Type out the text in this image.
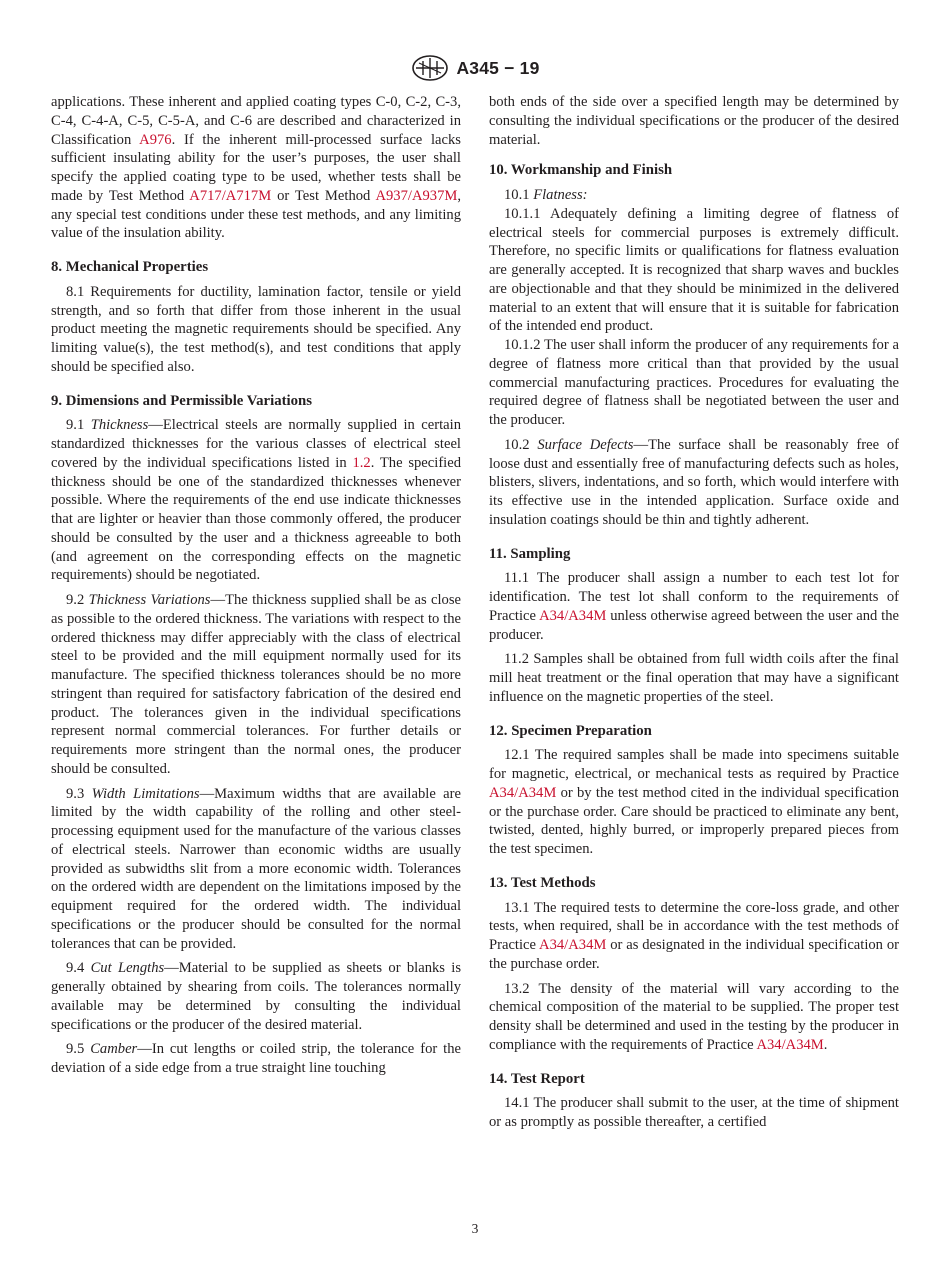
A345 − 19

applications. These inherent and applied coating types C-0, C-2, C-3, C-4, C-4-A, C-5, C-5-A, and C-6 are described and characterized in Classification A976. If the inherent mill-processed surface lacks sufficient insulating ability for the user’s purposes, the user shall specify the applied coating type to be used, whether tests shall be made by Test Method A717/A717M or Test Method A937/A937M, any special test conditions under these test methods, and any limiting value of the insulation ability.

8. Mechanical Properties

8.1 Requirements for ductility, lamination factor, tensile or yield strength, and so forth that differ from those inherent in the usual product meeting the magnetic requirements should be specified. Any limiting value(s), the test method(s), and test conditions that apply should be specified also.

9. Dimensions and Permissible Variations

9.1 Thickness—Electrical steels are normally supplied in certain standardized thicknesses for the various classes of electrical steel covered by the individual specifications listed in 1.2. The specified thickness should be one of the standardized thicknesses whenever possible. Where the requirements of the end use indicate thicknesses that are lighter or heavier than those commonly offered, the producer should be consulted by the user and a thickness agreeable to both (and agreement on the corresponding effects on the magnetic requirements) should be negotiated.

9.2 Thickness Variations—The thickness supplied shall be as close as possible to the ordered thickness. The variations with respect to the ordered thickness may differ appreciably with the class of electrical steel to be provided and the mill equipment normally used for its manufacture. The specified thickness tolerances should be no more stringent than required for satisfactory fabrication of the desired end product. The tolerances given in the individual specifications represent normal commercial tolerances. For further details or requirements more stringent than the normal ones, the producer should be consulted.

9.3 Width Limitations—Maximum widths that are available are limited by the width capability of the rolling and other steel-processing equipment used for the manufacture of the various classes of electrical steels. Narrower than economic widths are usually provided as subwidths slit from a more economic width. Tolerances on the ordered width are dependent on the limitations imposed by the equipment required for the ordered width. The individual specifications or the producer should be consulted for the normal tolerances that can be provided.

9.4 Cut Lengths—Material to be supplied as sheets or blanks is generally obtained by shearing from coils. The tolerances normally available may be determined by consulting the individual specifications or the producer of the desired material.

9.5 Camber—In cut lengths or coiled strip, the tolerance for the deviation of a side edge from a true straight line touching

both ends of the side over a specified length may be determined by consulting the individual specifications or the producer of the desired material.

10. Workmanship and Finish

10.1 Flatness:

10.1.1 Adequately defining a limiting degree of flatness of electrical steels for commercial purposes is extremely difficult. Therefore, no specific limits or qualifications for flatness evaluation are generally accepted. It is recognized that sharp waves and buckles are objectionable and that they should be minimized in the delivered material to an extent that will ensure that it is suitable for fabrication of the intended end product.

10.1.2 The user shall inform the producer of any requirements for a degree of flatness more critical than that provided by the usual commercial manufacturing practices. Procedures for evaluating the required degree of flatness shall be negotiated between the user and the producer.

10.2 Surface Defects—The surface shall be reasonably free of loose dust and essentially free of manufacturing defects such as holes, blisters, slivers, indentations, and so forth, which would interfere with its effective use in the intended application. Surface oxide and insulation coatings should be thin and tightly adherent.

11. Sampling

11.1 The producer shall assign a number to each test lot for identification. The test lot shall conform to the requirements of Practice A34/A34M unless otherwise agreed between the user and the producer.

11.2 Samples shall be obtained from full width coils after the final mill heat treatment or the final operation that may have a significant influence on the magnetic properties of the steel.

12. Specimen Preparation

12.1 The required samples shall be made into specimens suitable for magnetic, electrical, or mechanical tests as required by Practice A34/A34M or by the test method cited in the individual specification or the purchase order. Care should be practiced to eliminate any bent, twisted, dented, highly burred, or improperly prepared pieces from the test specimen.

13. Test Methods

13.1 The required tests to determine the core-loss grade, and other tests, when required, shall be in accordance with the test methods of Practice A34/A34M or as designated in the individual specification or the purchase order.

13.2 The density of the material will vary according to the chemical composition of the material to be supplied. The proper test density shall be determined and used in the testing by the producer in compliance with the requirements of Practice A34/A34M.

14. Test Report

14.1 The producer shall submit to the user, at the time of shipment or as promptly as possible thereafter, a certified

3
